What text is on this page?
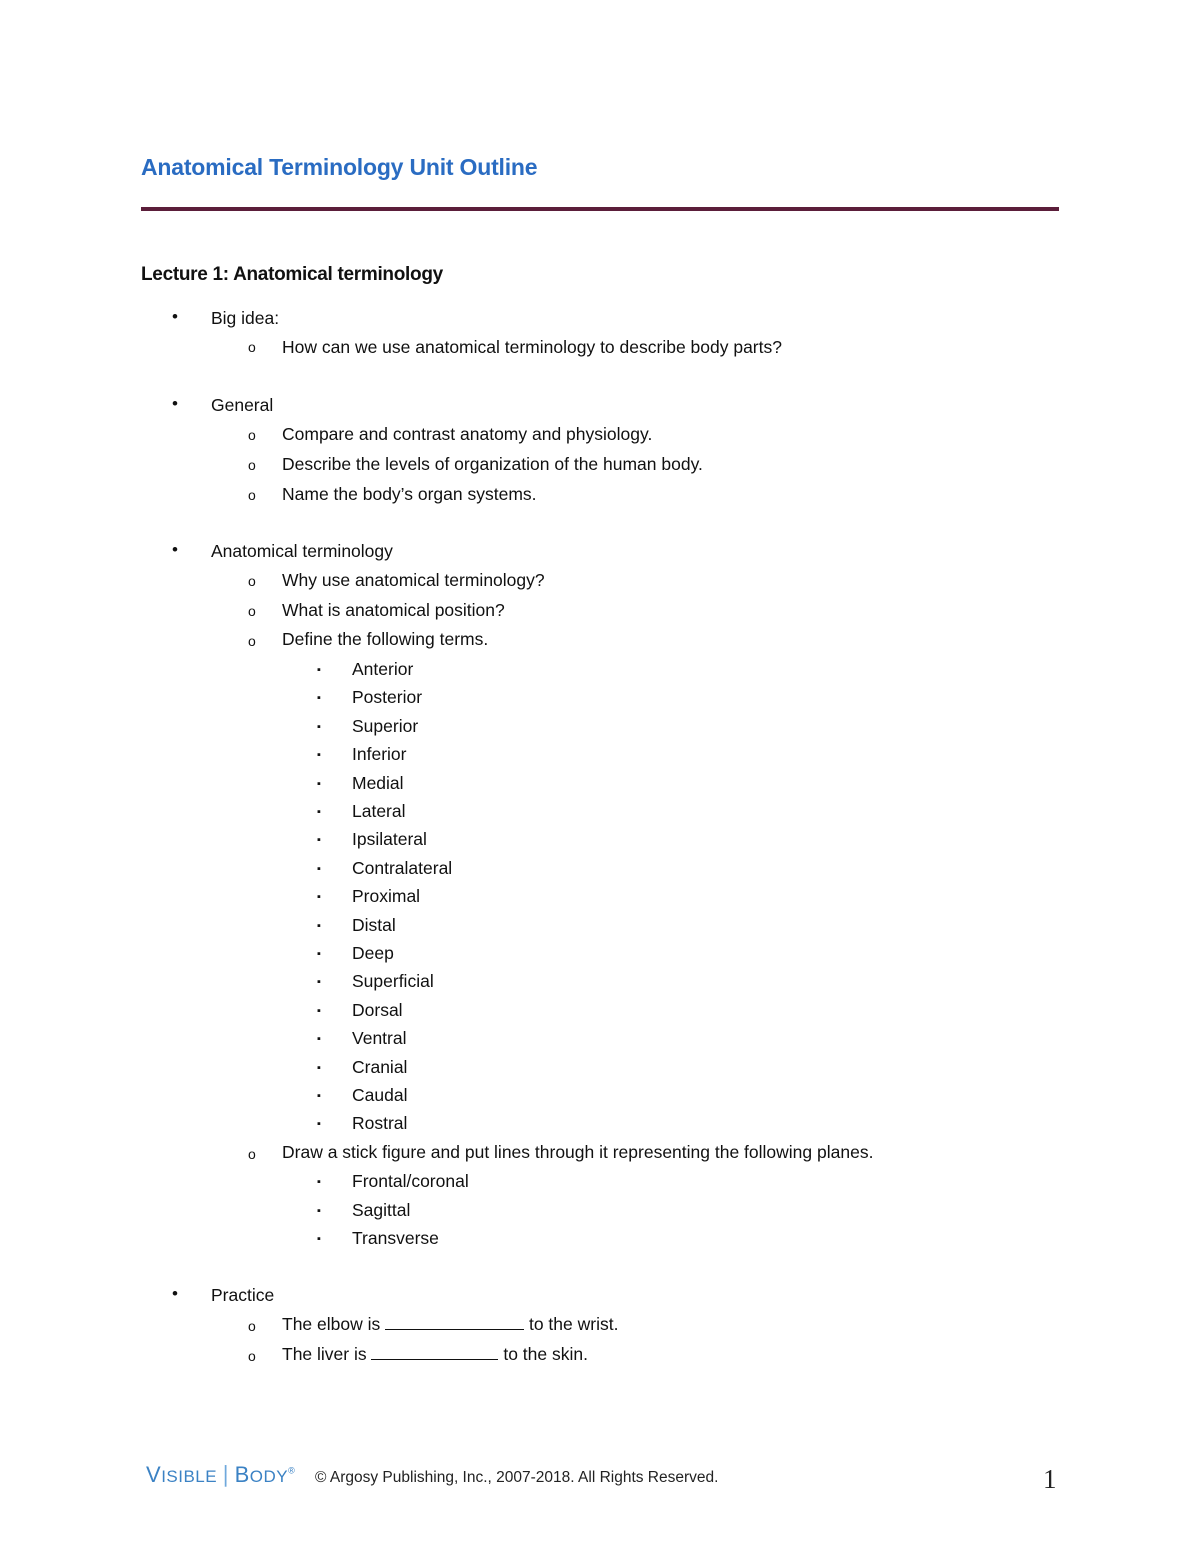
Anatomical Terminology Unit Outline
Lecture 1: Anatomical terminology
• Big idea:
o How can we use anatomical terminology to describe body parts?
• General
o Compare and contrast anatomy and physiology.
o Describe the levels of organization of the human body.
o Name the body’s organ systems.
• Anatomical terminology
o Why use anatomical terminology?
o What is anatomical position?
o Define the following terms.
▪ Anterior
▪ Posterior
▪ Superior
▪ Inferior
▪ Medial
▪ Lateral
▪ Ipsilateral
▪ Contralateral
▪ Proximal
▪ Distal
▪ Deep
▪ Superficial
▪ Dorsal
▪ Ventral
▪ Cranial
▪ Caudal
▪ Rostral
o Draw a stick figure and put lines through it representing the following planes.
▪ Frontal/coronal
▪ Sagittal
▪ Transverse
• Practice
o The elbow is	to the wrist.
o The liver is	to the skin.
VISIBLE ∣ BODY® © Argosy Publishing, Inc., 2007-2018. All Rights Reserved.	1
